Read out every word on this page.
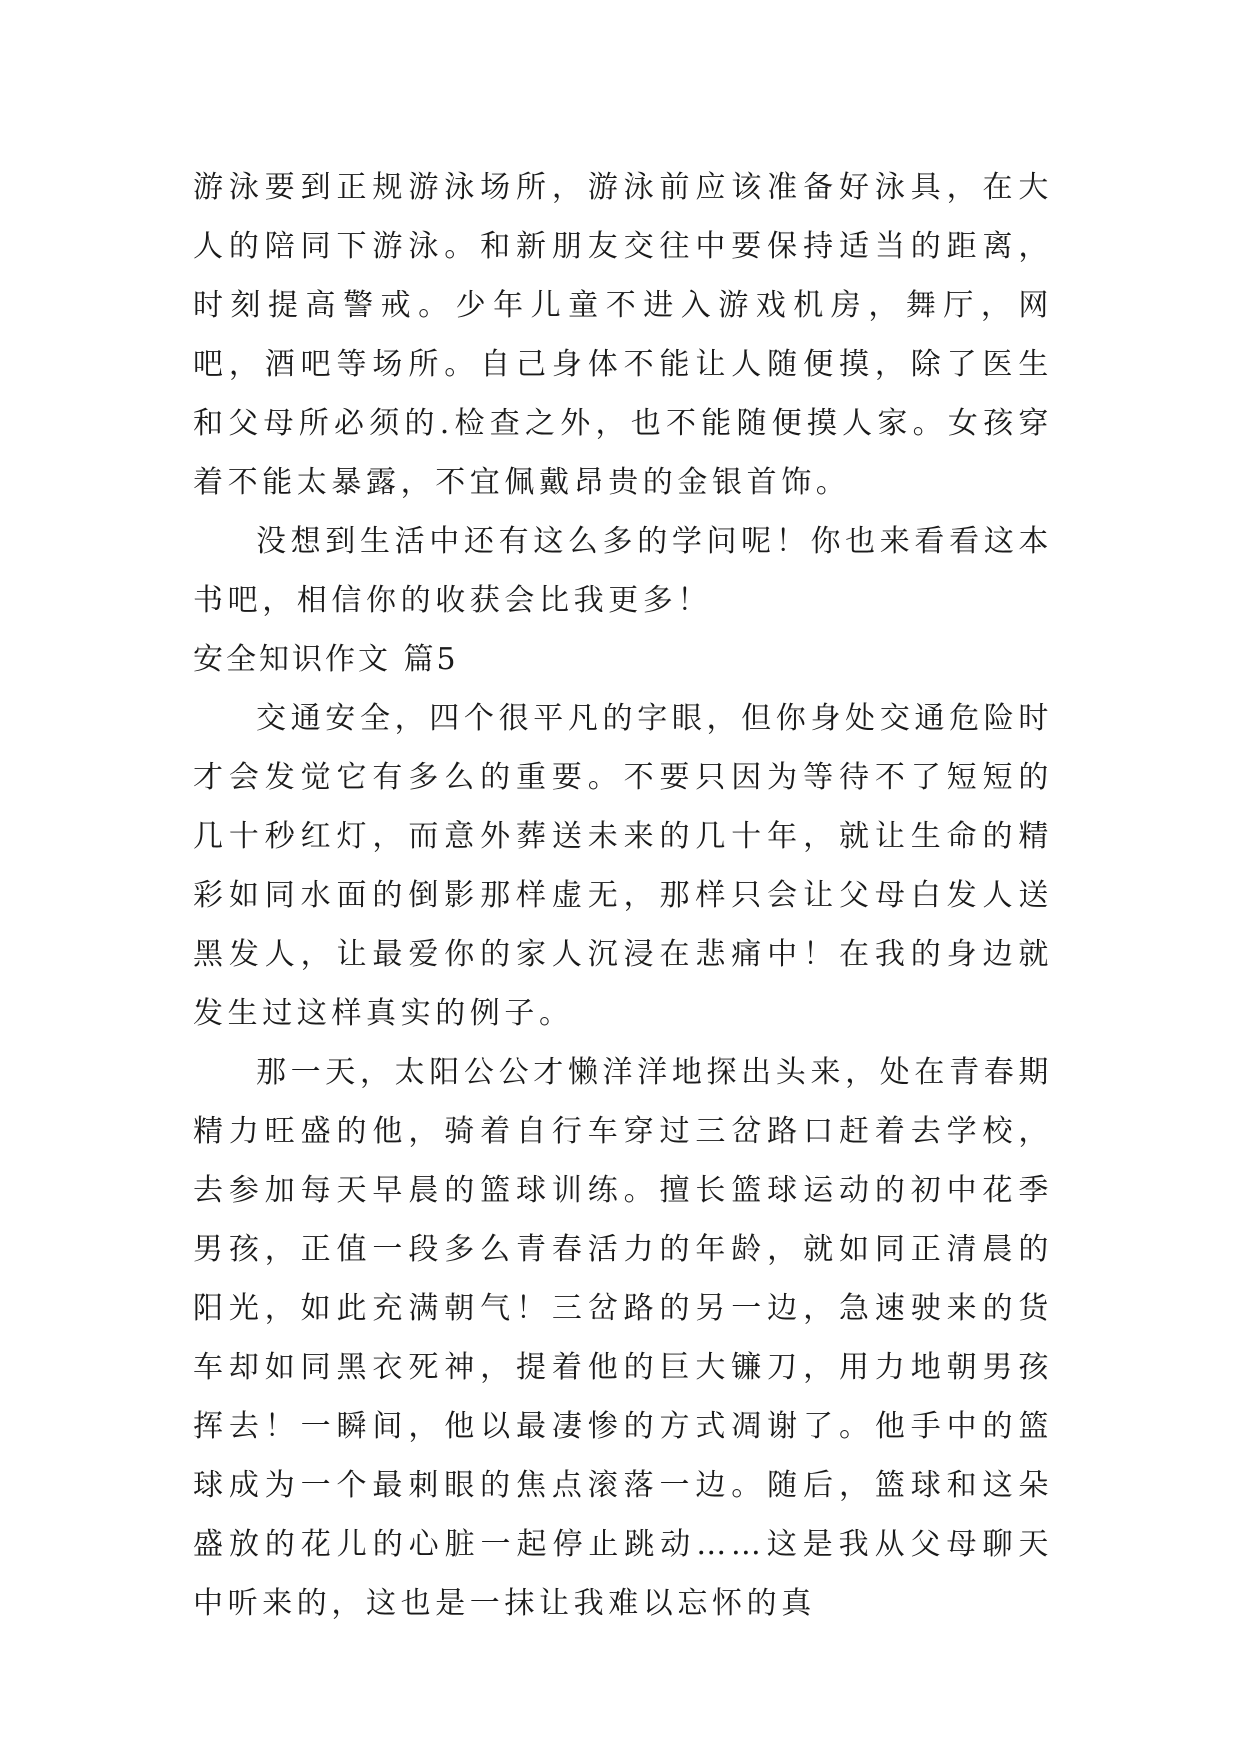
游泳要到正规游泳场所，游泳前应该准备好泳具，在大人的陪同下游泳。和新朋友交往中要保持适当的距离，时刻提高警戒。少年儿童不进入游戏机房，舞厅，网吧，酒吧等场所。自己身体不能让人随便摸，除了医生和父母所必须的.检查之外，也不能随便摸人家。女孩穿着不能太暴露，不宜佩戴昂贵的金银首饰。

没想到生活中还有这么多的学问呢！你也来看看这本书吧，相信你的收获会比我更多！

安全知识作文 篇5

交通安全，四个很平凡的字眼，但你身处交通危险时才会发觉它有多么的重要。不要只因为等待不了短短的几十秒红灯，而意外葬送未来的几十年，就让生命的精彩如同水面的倒影那样虚无，那样只会让父母白发人送黑发人，让最爱你的家人沉浸在悲痛中！在我的身边就发生过这样真实的例子。

那一天，太阳公公才懒洋洋地探出头来，处在青春期精力旺盛的他，骑着自行车穿过三岔路口赶着去学校，去参加每天早晨的篮球训练。擅长篮球运动的初中花季男孩，正值一段多么青春活力的年龄，就如同正清晨的阳光，如此充满朝气！三岔路的另一边，急速驶来的货车却如同黑衣死神，提着他的巨大镰刀，用力地朝男孩挥去！一瞬间，他以最凄惨的方式凋谢了。他手中的篮球成为一个最刺眼的焦点滚落一边。随后，篮球和这朵盛放的花儿的心脏一起停止跳动……这是我从父母聊天中听来的，这也是一抹让我难以忘怀的真
